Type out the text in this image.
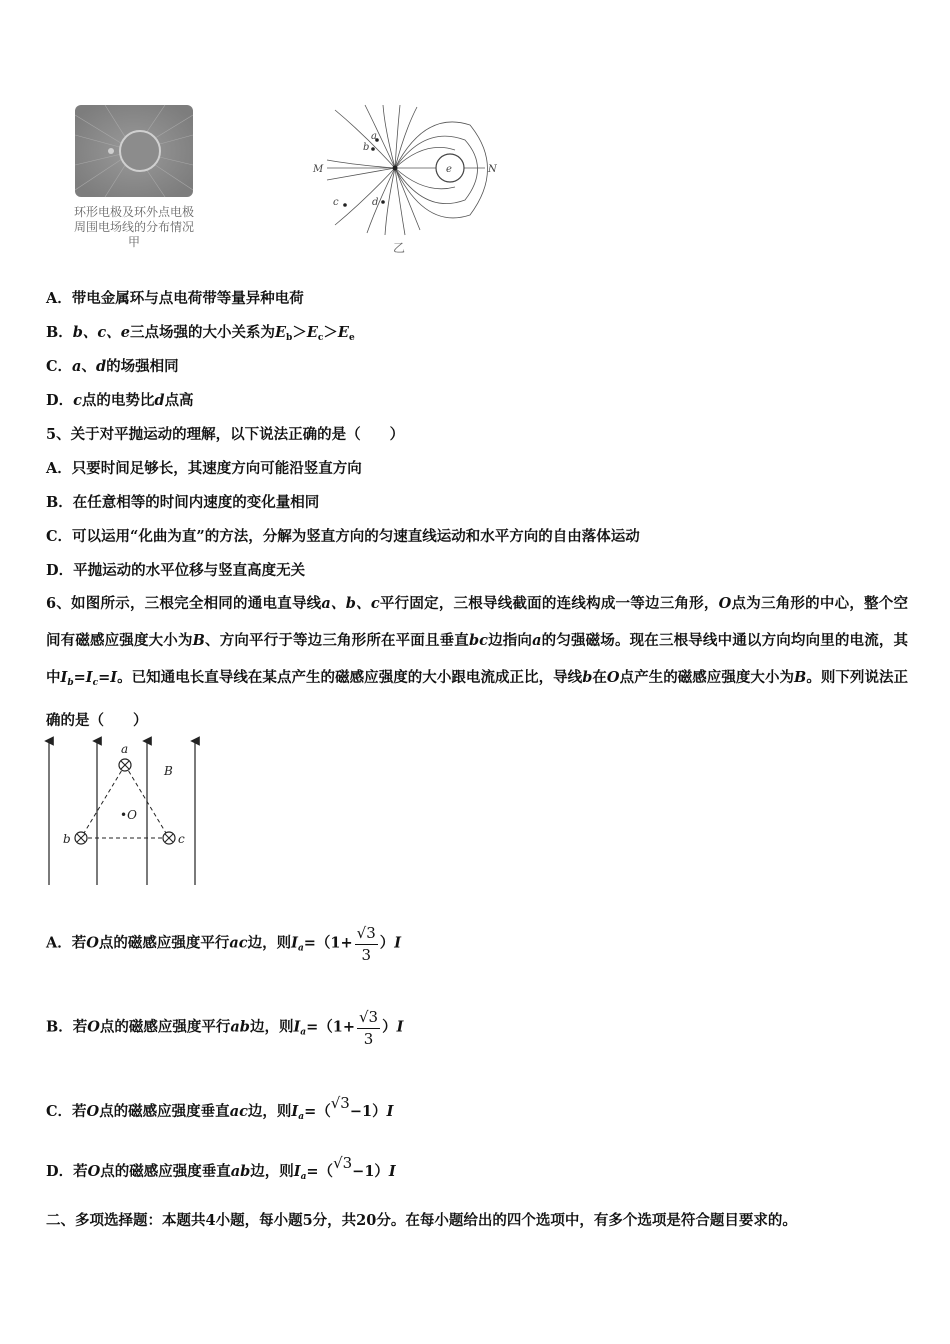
环形电极及环外点电极
周围电场线的分布情况
甲
M	N
a
b
c	d
e
乙
A．带电金属环与点电荷带等量异种电荷
B．b、c、e三点场强的大小关系为$E_b>E_c>E_e$
C．a、d的场强相同
D．c点的电势比d点高
5、关于对平抛运动的理解，以下说法正确的是（　　）
A．只要时间足够长，其速度方向可能沿竖直方向
B．在任意相等的时间内速度的变化量相同
C．可以运用“化曲为直”的方法，分解为竖直方向的匀速直线运动和水平方向的自由落体运动
D．平抛运动的水平位移与竖直高度无关
6、如图所示，三根完全相同的通电直导线a、b、c平行固定，三根导线截面的连线构成一等边三角形，O点为三角形的中心，整个空间有磁感应强度大小为B、方向平行于等边三角形所在平面且垂直bc边指向a的匀强磁场。现在三根导线中通以方向均向里的电流，其中$I_b=I_c=I$。已知通电长直导线在某点产生的磁感应强度的大小跟电流成正比，导线b在O点产生的磁感应强度大小为B。则下列说法正确的是（　　）
a
b	c
•O
B
A．若O点的磁感应强度平行ac边，则$I_a=(1+ \frac{√3}{3} )I$
B．若O点的磁感应强度平行ab边，则$I_a=(1+ \frac{√3}{3} )I$
C．若O点的磁感应强度垂直ac边，则$I_a=(√3-1)I$
D．若O点的磁感应强度垂直ab边，则$I_a=(√3-1)I$
二、多项选择题：本题共4小题，每小题5分，共20分。在每小题给出的四个选项中，有多个选项是符合题目要求的。
